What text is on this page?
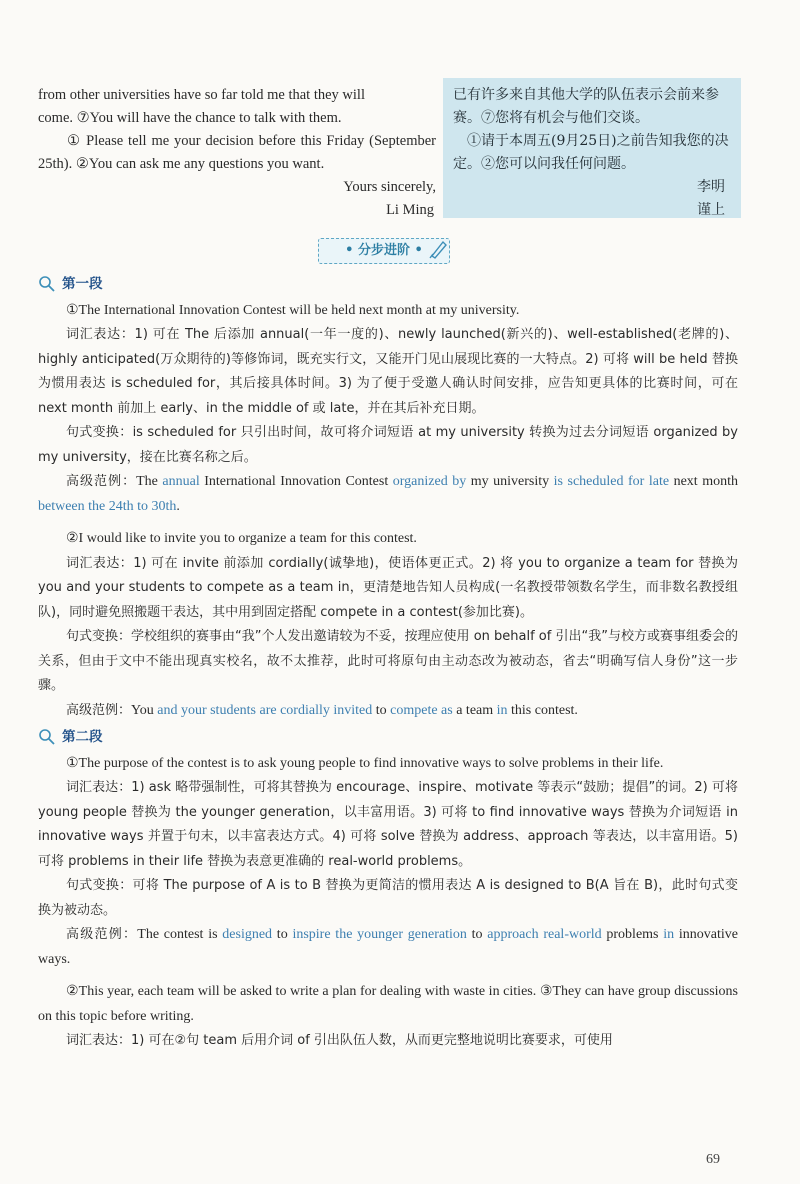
from other universities have so far told me that they will

come. ⑦You will have the chance to talk with them.

① Please tell me your decision before this Friday (September 25th). ②You can ask me any questions you want.

Yours sincerely,

Li Ming

已有许多来自其他大学的队伍表示会前来参赛。⑦您将有机会与他们交谈。

①请于本周五(9月25日)之前告知我您的决定。②您可以问我任何问题。

李明

谨上

• 分步进阶 •
第一段

①The International Innovation Contest will be held next month at my university.

词汇表达：1) 可在 The 后添加 annual(一年一度的)、newly launched(新兴的)、well-established(老牌的)、highly anticipated(万众期待的)等修饰词，既充实行文，又能开门见山展现比赛的一大特点。2) 可将 will be held 替换为惯用表达 is scheduled for，其后接具体时间。3) 为了便于受邀人确认时间安排，应告知更具体的比赛时间，可在 next month 前加上 early、in the middle of 或 late，并在其后补充日期。

句式变换：is scheduled for 只引出时间，故可将介词短语 at my university 转换为过去分词短语 organized by my university，接在比赛名称之后。

高级范例：The annual International Innovation Contest organized by my university is scheduled for late next month between the 24th to 30th.

②I would like to invite you to organize a team for this contest.

词汇表达：1) 可在 invite 前添加 cordially(诚挚地)，使语体更正式。2) 将 you to organize a team for 替换为 you and your students to compete as a team in，更清楚地告知人员构成(一名教授带领数名学生，而非数名教授组队)，同时避免照搬题干表达，其中用到固定搭配 compete in a contest(参加比赛)。

句式变换：学校组织的赛事由“我”个人发出邀请较为不妥，按理应使用 on behalf of 引出“我”与校方或赛事组委会的关系，但由于文中不能出现真实校名，故不太推荐，此时可将原句由主动态改为被动态，省去“明确写信人身份”这一步骤。

高级范例：You and your students are cordially invited to compete as a team in this contest.

第二段

①The purpose of the contest is to ask young people to find innovative ways to solve problems in their life.

词汇表达：1) ask 略带强制性，可将其替换为 encourage、inspire、motivate 等表示“鼓励；提倡”的词。2) 可将 young people 替换为 the younger generation，以丰富用语。3) 可将 to find innovative ways 替换为介词短语 in innovative ways 并置于句末，以丰富表达方式。4) 可将 solve 替换为 address、approach 等表达，以丰富用语。5) 可将 problems in their life 替换为表意更准确的 real-world problems。

句式变换：可将 The purpose of A is to B 替换为更简洁的惯用表达 A is designed to B(A 旨在 B)，此时句式变换为被动态。

高级范例：The contest is designed to inspire the younger generation to approach real-world problems in innovative ways.

②This year, each team will be asked to write a plan for dealing with waste in cities. ③They can have group discussions on this topic before writing.

词汇表达：1) 可在②句 team 后用介词 of 引出队伍人数，从而更完整地说明比赛要求，可使用

69
